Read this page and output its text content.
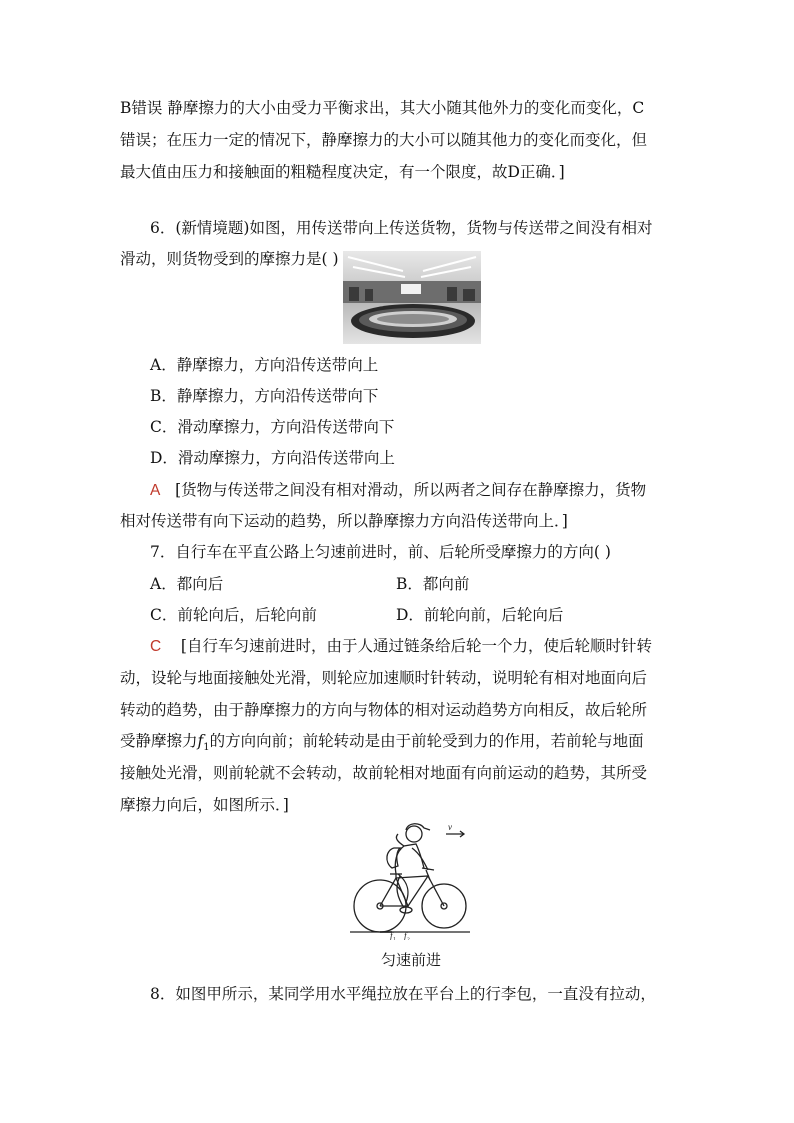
B错误 静摩擦力的大小由受力平衡求出，其大小随其他外力的变化而变化，C
错误；在压力一定的情况下，静摩擦力的大小可以随其他力的变化而变化，但
最大值由压力和接触面的粗糙程度决定，有一个限度，故D正确．]
6．(新情境题)如图，用传送带向上传送货物，货物与传送带之间没有相对
滑动，则货物受到的摩擦力是( )
A．静摩擦力，方向沿传送带向上
B．静摩擦力，方向沿传送带向下
C．滑动摩擦力，方向沿传送带向下
D．滑动摩擦力，方向沿传送带向上
A [货物与传送带之间没有相对滑动，所以两者之间存在静摩擦力，货物
相对传送带有向下运动的趋势，所以静摩擦力方向沿传送带向上．]
7．自行车在平直公路上匀速前进时，前、后轮所受摩擦力的方向( )
A．都向后	B．都向前
C．前轮向后，后轮向前	D．前轮向前，后轮向后
C [自行车匀速前进时，由于人通过链条给后轮一个力，使后轮顺时针转
动，设轮与地面接触处光滑，则轮应加速顺时针转动，说明轮有相对地面向后
转动的趋势，由于静摩擦力的方向与物体的相对运动趋势方向相反，故后轮所
受静摩擦力$f_1$的方向向前；前轮转动是由于前轮受到力的作用，若前轮与地面
接触处光滑，则前轮就不会转动，故前轮相对地面有向前运动的趋势，其所受
摩擦力向后，如图所示．]
v
f₁ f₂
匀速前进
8．如图甲所示，某同学用水平绳拉放在平台上的行李包，一直没有拉动，
